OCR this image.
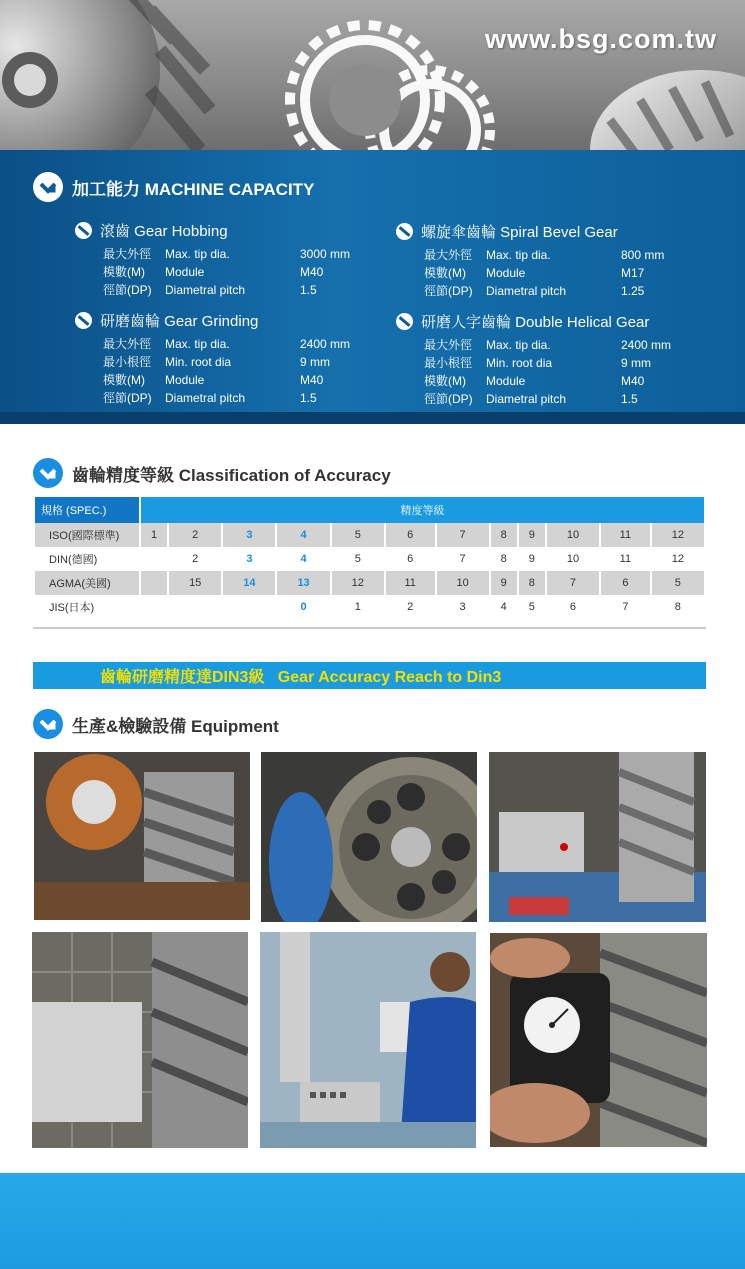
www.bsg.com.tw
加工能力 MACHINE CAPACITY
滾齒 Gear Hobbing
最大外徑	Max. tip dia.	3000 mm
模數(M)	Module	M40
徑節(DP)	Diametral pitch	1.5
螺旋傘齒輪 Spiral Bevel Gear
最大外徑	Max. tip dia.	800 mm
模數(M)	Module	M17
徑節(DP)	Diametral pitch	1.25
研磨齒輪 Gear Grinding
最大外徑	Max. tip dia.	2400 mm
最小根徑	Min. root dia	9 mm
模數(M)	Module	M40
徑節(DP)	Diametral pitch	1.5
研磨人字齒輪 Double Helical Gear
最大外徑	Max. tip dia.	2400 mm
最小根徑	Min. root dia	9 mm
模數(M)	Module	M40
徑節(DP)	Diametral pitch	1.5
齒輪精度等級 Classification of Accuracy
規格 (SPEC.)	精度等級											
ISO(國際標準)	1	2	3	4	5	6	7	8	9	10	11	12
DIN(德國)		2	3	4	5	6	7	8	9	10	11	12
AGMA(美國)		15	14	13	12	11	10	9	8	7	6	5
JIS(日本)				0	1	2	3	4	5	6	7	8
齒輪研磨精度達DIN3級   Gear Accuracy Reach to Din3
生產&檢驗設備 Equipment
